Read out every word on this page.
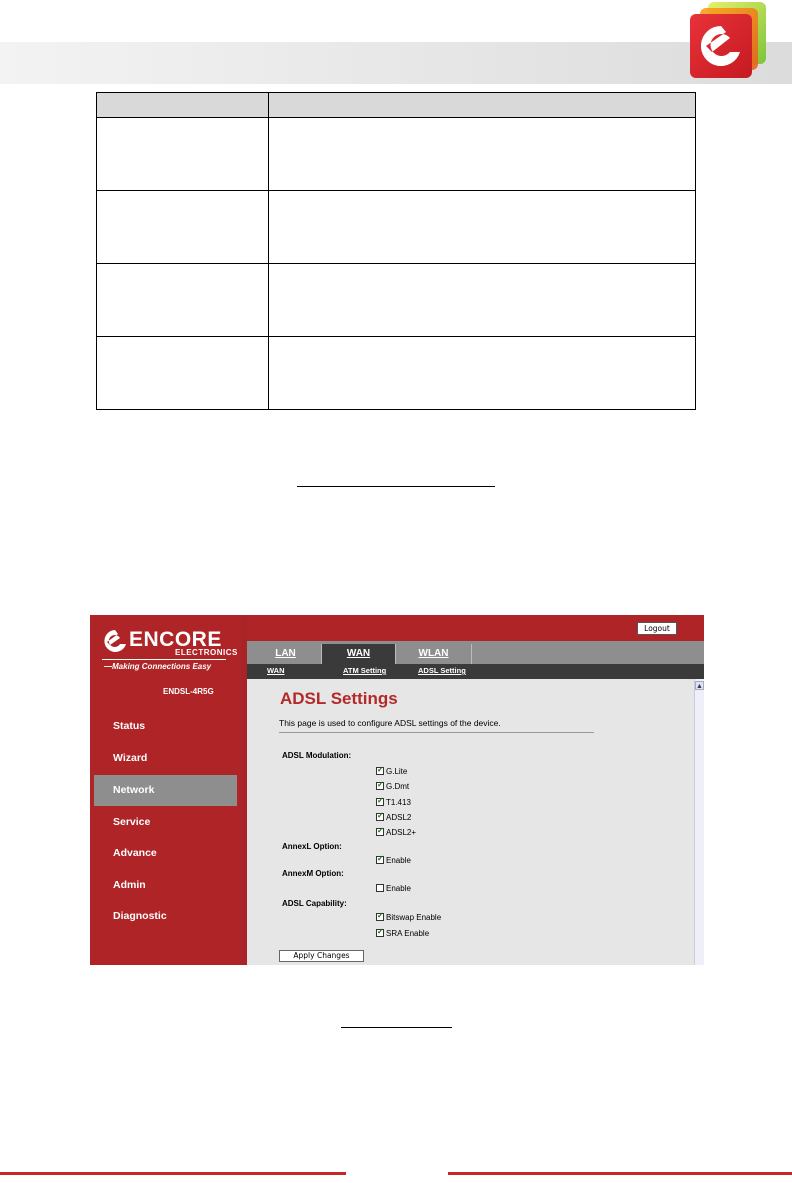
ENCORE
ELECTRONICS
—Making Connections Easy
ENDSL-4R5G
Status
Wizard
Network
Service
Advance
Admin
Diagnostic
Logout
LAN	WAN	WLAN
WAN	ATM Setting	ADSL Setting
ADSL Settings
This page is used to configure ADSL settings of the device.
ADSL Modulation:
✓ G.Lite
✓ G.Dmt
✓ T1.413
✓ ADSL2
✓ ADSL2+
AnnexL Option:
✓ Enable
AnnexM Option:
Enable
ADSL Capability:
✓ Bitswap Enable
✓ SRA Enable
Apply Changes
▲
